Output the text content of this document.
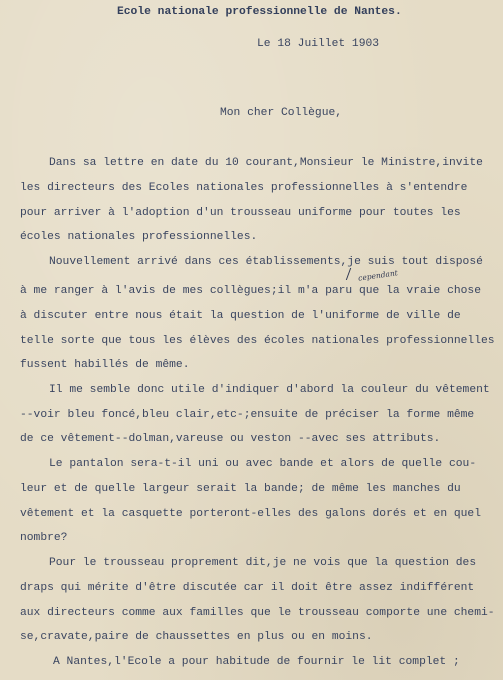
Ecole nationale professionnelle de Nantes.
Le 18 Juillet 1903
Mon cher Collègue,
Dans sa lettre en date du 10 courant,Monsieur le Ministre,invite
les directeurs des Ecoles nationales professionnelles à s'entendre
pour arriver à l'adoption d'un trousseau uniforme pour toutes les
écoles nationales professionnelles.
Nouvellement arrivé dans ces établissements,je suis tout disposé
à me ranger à l'avis de mes collègues;il m'a paru que la vraie chose
à discuter entre nous était la question de l'uniforme de ville de
telle sorte que tous les élèves des écoles nationales professionnelles
fussent habillés de même.
Il me semble donc utile d'indiquer d'abord la couleur du vêtement
--voir bleu foncé,bleu clair,etc-;ensuite de préciser la forme même
de ce vêtement--dolman,vareuse ou veston --avec ses attributs.
Le pantalon sera-t-il uni ou avec bande et alors de quelle cou-
leur et de quelle largeur serait la bande; de même les manches du
vêtement et la casquette porteront-elles des galons dorés et en quel
nombre?
Pour le trousseau proprement dit,je ne vois que la question des
draps qui mérite d'être discutée car il doit être assez indifférent
aux directeurs comme aux familles que le trousseau comporte une chemi-
se,cravate,paire de chaussettes en plus ou en moins.
A Nantes,l'Ecole a pour habitude de fournir le lit complet ;
cependant
